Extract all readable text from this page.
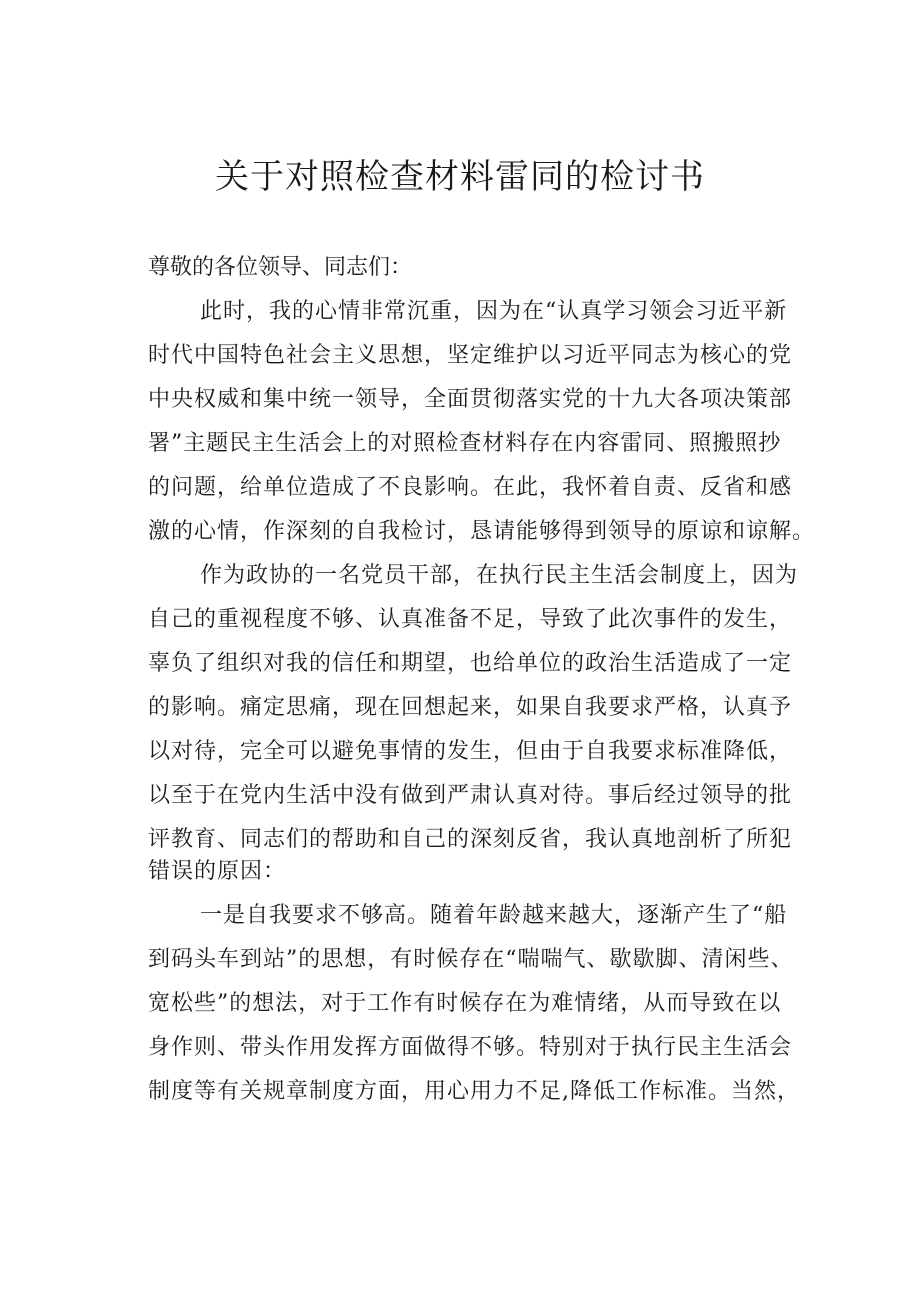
关于对照检查材料雷同的检讨书

尊敬的各位领导、同志们：

此时，我的心情非常沉重，因为在“认真学习领会习近平新

时代中国特色社会主义思想，坚定维护以习近平同志为核心的党

中央权威和集中统一领导，全面贯彻落实党的十九大各项决策部

署”主题民主生活会上的对照检查材料存在内容雷同、照搬照抄

的问题，给单位造成了不良影响。在此，我怀着自责、反省和感

激的心情，作深刻的自我检讨，恳请能够得到领导的原谅和谅解。

作为政协的一名党员干部，在执行民主生活会制度上，因为

自己的重视程度不够、认真准备不足，导致了此次事件的发生，

辜负了组织对我的信任和期望，也给单位的政治生活造成了一定

的影响。痛定思痛，现在回想起来，如果自我要求严格，认真予

以对待，完全可以避免事情的发生，但由于自我要求标准降低，

以至于在党内生活中没有做到严肃认真对待。事后经过领导的批

评教育、同志们的帮助和自己的深刻反省，我认真地剖析了所犯

错误的原因：

一是自我要求不够高。随着年龄越来越大，逐渐产生了“船

到码头车到站”的思想，有时候存在“喘喘气、歇歇脚、清闲些、

宽松些”的想法，对于工作有时候存在为难情绪，从而导致在以

身作则、带头作用发挥方面做得不够。特别对于执行民主生活会

制度等有关规章制度方面，用心用力不足,降低工作标准。当然，
